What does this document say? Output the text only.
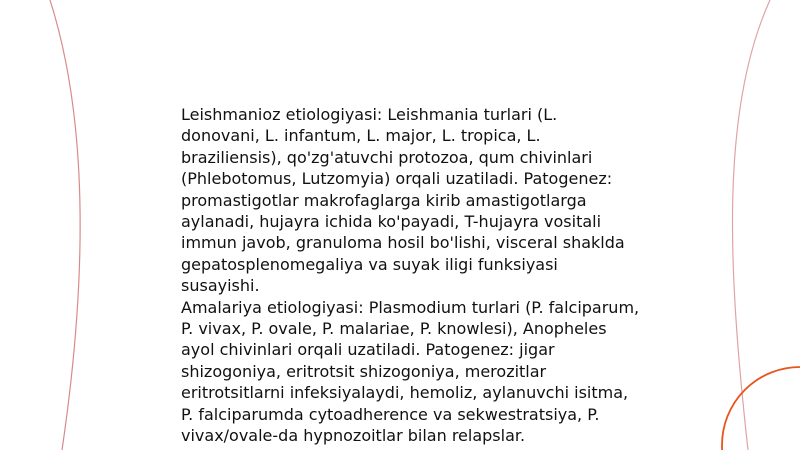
Leishmanioz etiologiyasi: Leishmania turlari (L. donovani, L. infantum, L. major, L. tropica, L. braziliensis), qo'zg'atuvchi protozoa, qum chivinlari (Phlebotomus, Lutzomyia) orqali uzatiladi. Patogenez: promastigotlar makrofaglarga kirib amastigotlarga aylanadi, hujayra ichida ko'payadi, T-hujayra vositali immun javob, granuloma hosil bo'lishi, visceral shaklda gepatosplenomegaliya va suyak iligi funksiyasi susayishi.

Amalariya etiologiyasi: Plasmodium turlari (P. falciparum, P. vivax, P. ovale, P. malariae, P. knowlesi), Anopheles ayol chivinlari orqali uzatiladi. Patogenez: jigar shizogoniya, eritrotsit shizogoniya, merozitlar eritrotsitlarni infeksiyalaydi, hemoliz, aylanuvchi isitma, P. falciparumda cytoadherence va sekwestratsiya, P. vivax/ovale-da hypnozoitlar bilan relapslar.
